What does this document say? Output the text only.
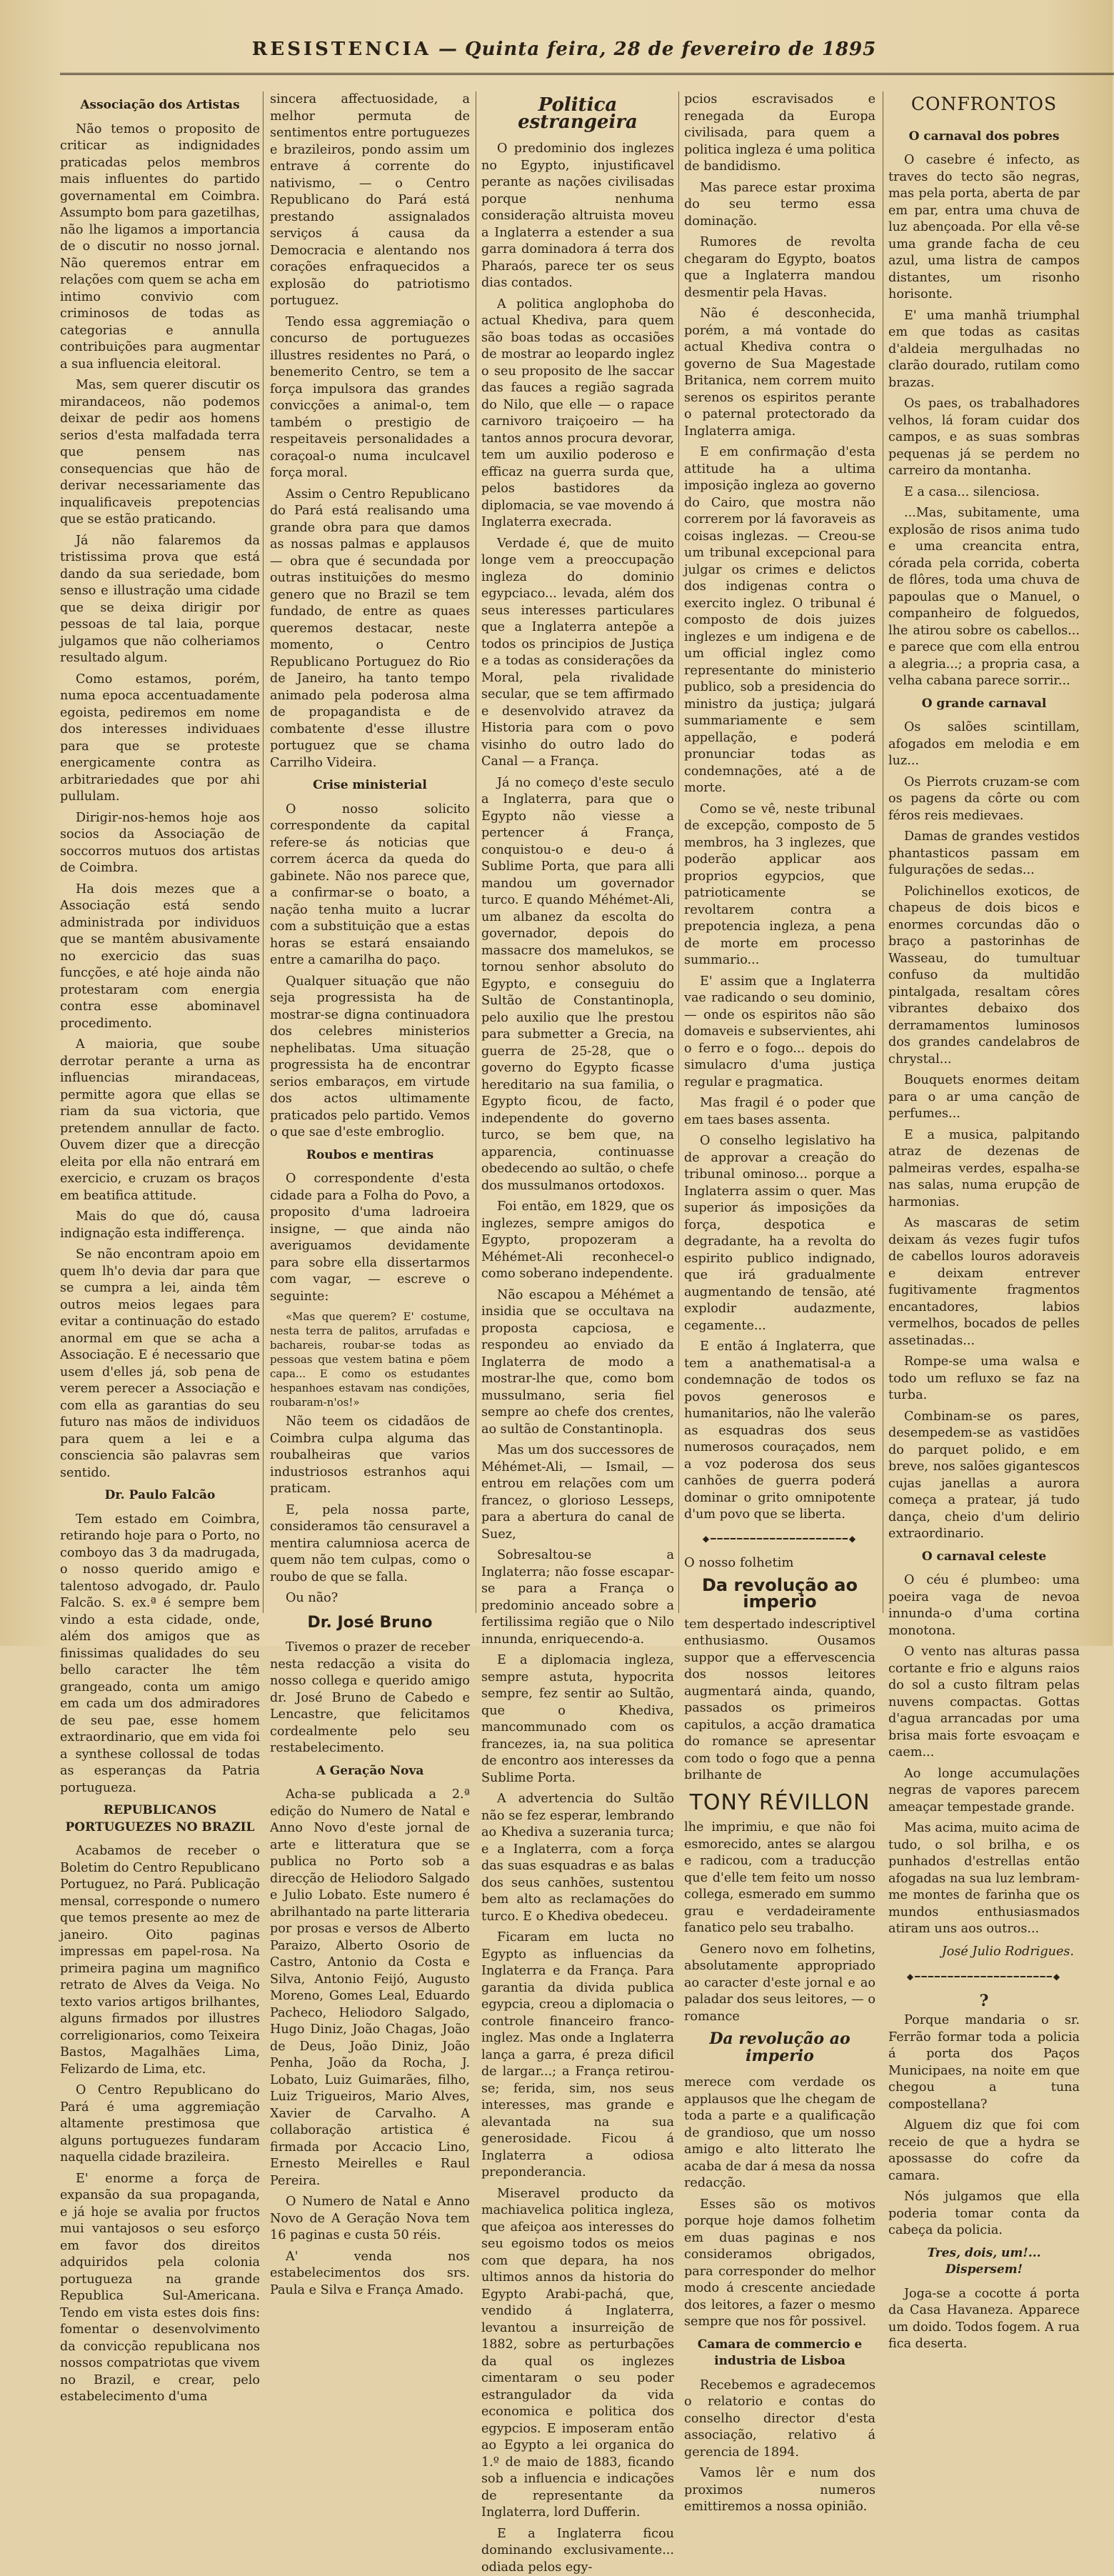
RESISTENCIA — Quinta feira, 28 de fevereiro de 1895
Associação dos Artistas

Não temos o proposito de criticar as indignidades praticadas pelos membros mais influentes do partido governamental em Coimbra. Assumpto bom para gazetilhas, não lhe ligamos a importancia de o discutir no nosso jornal. Não queremos entrar em relações com quem se acha em intimo convivio com criminosos de todas as categorias e annulla contribuições para augmentar a sua influencia eleitoral.

Mas, sem querer discutir os mirandaceos, não podemos deixar de pedir aos homens serios d'esta malfadada terra que pensem nas consequencias que hão de derivar necessariamente das inqualificaveis prepotencias que se estão praticando.

Já não falaremos da tristissima prova que está dando da sua seriedade, bom senso e illustração uma cidade que se deixa dirigir por pessoas de tal laia, porque julgamos que não colheriamos resultado algum.

Como estamos, porém, numa epoca accentuadamente egoista, pediremos em nome dos interesses individuaes para que se proteste energicamente contra as arbitrariedades que por ahi pullulam.

Dirigir-nos-hemos hoje aos socios da Associação de soccorros mutuos dos artistas de Coimbra.

Ha dois mezes que a Associação está sendo administrada por individuos que se mantêm abusivamente no exercicio das suas funcções, e até hoje ainda não protestaram com energia contra esse abominavel procedimento.

A maioria, que soube derrotar perante a urna as influencias mirandaceas, permitte agora que ellas se riam da sua victoria, que pretendem annullar de facto. Ouvem dizer que a direcção eleita por ella não entrará em exercicio, e cruzam os braços em beatifica attitude.

Mais do que dó, causa indignação esta indifferença.

Se não encontram apoio em quem lh'o devia dar para que se cumpra a lei, ainda têm outros meios legaes para evitar a continuação do estado anormal em que se acha a Associação. E é necessario que usem d'elles já, sob pena de verem perecer a Associação e com ella as garantias do seu futuro nas mãos de individuos para quem a lei e a consciencia são palavras sem sentido.

Dr. Paulo Falcão

Tem estado em Coimbra, retirando hoje para o Porto, no comboyo das 3 da madrugada, o nosso querido amigo e talentoso advogado, dr. Paulo Falcão. S. ex.ª é sempre bem vindo a esta cidade, onde, além dos amigos que as finissimas qualidades do seu bello caracter lhe têm grangeado, conta um amigo em cada um dos admiradores de seu pae, esse homem extraordinario, que em vida foi a synthese collossal de todas as esperanças da Patria portugueza.

REPUBLICANOS PORTUGUEZES NO BRAZIL

Acabamos de receber o Boletim do Centro Republicano Portuguez, no Pará. Publicação mensal, corresponde o numero que temos presente ao mez de janeiro. Oito paginas impressas em papel-rosa. Na primeira pagina um magnifico retrato de Alves da Veiga. No texto varios artigos brilhantes, alguns firmados por illustres correligionarios, como Teixeira Bastos, Magalhães Lima, Felizardo de Lima, etc.

O Centro Republicano do Pará é uma aggremiação altamente prestimosa que alguns portuguezes fundaram naquella cidade brazileira.

E' enorme a força de expansão da sua propaganda, e já hoje se avalia por fructos mui vantajosos o seu esforço em favor dos direitos adquiridos pela colonia portugueza na grande Republica Sul-Americana. Tendo em vista estes dois fins: fomentar o desenvolvimento da convicção republicana nos nossos compatriotas que vivem no Brazil, e crear, pelo estabelecimento d'uma

sincera affectuosidade, a melhor permuta de sentimentos entre portuguezes e brazileiros, pondo assim um entrave á corrente do nativismo, — o Centro Republicano do Pará está prestando assignalados serviços á causa da Democracia e alentando nos corações enfraquecidos a explosão do patriotismo portuguez.

Tendo essa aggremiação o concurso de portuguezes illustres residentes no Pará, o benemerito Centro, se tem a força impulsora das grandes convicções a animal-o, tem também o prestigio de respeitaveis personalidades a coraçoal-o numa inculcavel força moral.

Assim o Centro Republicano do Pará está realisando uma grande obra para que damos as nossas palmas e applausos — obra que é secundada por outras instituições do mesmo genero que no Brazil se tem fundado, de entre as quaes queremos destacar, neste momento, o Centro Republicano Portuguez do Rio de Janeiro, ha tanto tempo animado pela poderosa alma de propagandista e de combatente d'esse illustre portuguez que se chama Carrilho Videira.

Crise ministerial

O nosso solicito correspondente da capital refere-se ás noticias que correm ácerca da queda do gabinete. Não nos parece que, a confirmar-se o boato, a nação tenha muito a lucrar com a substituição que a estas horas se estará ensaiando entre a camarilha do paço.

Qualquer situação que não seja progressista ha de mostrar-se digna continuadora dos celebres ministerios nephelibatas. Uma situação progressista ha de encontrar serios embaraços, em virtude dos actos ultimamente praticados pelo partido. Vemos o que sae d'este embroglio.

Roubos e mentiras

O correspondente d'esta cidade para a Folha do Povo, a proposito d'uma ladroeira insigne, — que ainda não averiguamos devidamente para sobre ella dissertarmos com vagar, — escreve o seguinte:

«Mas que querem? E' costume, nesta terra de palitos, arrufadas e bachareis, roubar-se todas as pessoas que vestem batina e põem capa... E como os estudantes hespanhoes estavam nas condições, roubaram-n'os!»

Não teem os cidadãos de Coimbra culpa alguma das roubalheiras que varios industriosos estranhos aqui praticam.

E, pela nossa parte, consideramos tão censuravel a mentira calumniosa acerca de quem não tem culpas, como o roubo de que se falla.

Ou não?

Dr. José Bruno

Tivemos o prazer de receber nesta redacção a visita do nosso collega e querido amigo dr. José Bruno de Cabedo e Lencastre, que felicitamos cordealmente pelo seu restabelecimento.

A Geração Nova

Acha-se publicada a 2.ª edição do Numero de Natal e Anno Novo d'este jornal de arte e litteratura que se publica no Porto sob a direcção de Heliodoro Salgado e Julio Lobato. Este numero é abrilhantado na parte litteraria por prosas e versos de Alberto Paraizo, Alberto Osorio de Castro, Antonio da Costa e Silva, Antonio Feijó, Augusto Moreno, Gomes Leal, Eduardo Pacheco, Heliodoro Salgado, Hugo Diniz, João Chagas, João de Deus, João Diniz, João Penha, João da Rocha, J. Lobato, Luiz Guimarães, filho, Luiz Trigueiros, Mario Alves, Xavier de Carvalho. A collaboração artistica é firmada por Accacio Lino, Ernesto Meirelles e Raul Pereira.

O Numero de Natal e Anno Novo de A Geração Nova tem 16 paginas e custa 50 réis.

A' venda nos estabelecimentos dos srs. Paula e Silva e França Amado.

Politica estrangeira

O predominio dos inglezes no Egypto, injustificavel perante as nações civilisadas porque nenhuma consideração altruista moveu a Inglaterra a estender a sua garra dominadora á terra dos Pharaós, parece ter os seus dias contados.

A politica anglophoba do actual Khediva, para quem são boas todas as occasiões de mostrar ao leopardo inglez o seu proposito de lhe saccar das fauces a região sagrada do Nilo, que elle — o rapace carnivoro traiçoeiro — ha tantos annos procura devorar, tem um auxilio poderoso e efficaz na guerra surda que, pelos bastidores da diplomacia, se vae movendo á Inglaterra execrada.

Verdade é, que de muito longe vem a preoccupação ingleza do dominio egypciaco... levada, além dos seus interesses particulares que a Inglaterra antepõe a todos os principios de Justiça e a todas as considerações da Moral, pela rivalidade secular, que se tem affirmado e desenvolvido atravez da Historia para com o povo visinho do outro lado do Canal — a França.

Já no começo d'este seculo a Inglaterra, para que o Egypto não viesse a pertencer á França, conquistou-o e deu-o á Sublime Porta, que para alli mandou um governador turco. E quando Méhémet-Ali, um albanez da escolta do governador, depois do massacre dos mamelukos, se tornou senhor absoluto do Egypto, e conseguiu do Sultão de Constantinopla, pelo auxilio que lhe prestou para submetter a Grecia, na guerra de 25-28, que o governo do Egypto ficasse hereditario na sua familia, o Egypto ficou, de facto, independente do governo turco, se bem que, na apparencia, continuasse obedecendo ao sultão, o chefe dos mussulmanos ortodoxos.

Foi então, em 1829, que os inglezes, sempre amigos do Egypto, propozeram a Méhémet-Ali reconhecel-o como soberano independente.

Não escapou a Méhémet a insidia que se occultava na proposta capciosa, e respondeu ao enviado da Inglaterra de modo a mostrar-lhe que, como bom mussulmano, seria fiel sempre ao chefe dos crentes, ao sultão de Constantinopla.

Mas um dos successores de Méhémet-Ali, — Ismail, — entrou em relações com um francez, o glorioso Lesseps, para a abertura do canal de Suez,

Sobresaltou-se a Inglaterra; não fosse escapar-se para a França o predominio anceado sobre a fertilissima região que o Nilo innunda, enriquecendo-a.

E a diplomacia ingleza, sempre astuta, hypocrita sempre, fez sentir ao Sultão, que o Khediva, mancommunado com os francezes, ia, na sua politica de encontro aos interesses da Sublime Porta.

A advertencia do Sultão não se fez esperar, lembrando ao Khediva a suzerania turca; e a Inglaterra, com a força das suas esquadras e as balas dos seus canhões, sustentou bem alto as reclamações do turco. E o Khediva obedeceu.

Ficaram em lucta no Egypto as influencias da Inglaterra e da França. Para garantia da divida publica egypcia, creou a diplomacia o controle financeiro franco-inglez. Mas onde a Inglaterra lança a garra, é preza dificil de largar...; a França retirou-se; ferida, sim, nos seus interesses, mas grande e alevantada na sua generosidade. Ficou á Inglaterra a odiosa preponderancia.

Miseravel producto da machiavelica politica ingleza, que afeiçoa aos interesses do seu egoismo todos os meios com que depara, ha nos ultimos annos da historia do Egypto Arabi-pachá, que, vendido á Inglaterra, levantou a insurreição de 1882, sobre as perturbações da qual os inglezes cimentaram o seu poder estrangulador da vida economica e politica dos egypcios. E imposeram então ao Egypto a lei organica do 1.º de maio de 1883, ficando sob a influencia e indicações de representante da Inglaterra, lord Dufferin.

E a Inglaterra ficou dominando exclusivamente... odiada pelos egy-

pcios escravisados e renegada da Europa civilisada, para quem a politica ingleza é uma politica de bandidismo.

Mas parece estar proxima do seu termo essa dominação.

Rumores de revolta chegaram do Egypto, boatos que a Inglaterra mandou desmentir pela Havas.

Não é desconhecida, porém, a má vontade do actual Khediva contra o governo de Sua Magestade Britanica, nem correm muito serenos os espiritos perante o paternal protectorado da Inglaterra amiga.

E em confirmação d'esta attitude ha a ultima imposição ingleza ao governo do Cairo, que mostra não correrem por lá favoraveis as coisas inglezas. — Creou-se um tribunal excepcional para julgar os crimes e delictos dos indigenas contra o exercito inglez. O tribunal é composto de dois juizes inglezes e um indigena e de um official inglez como representante do ministerio publico, sob a presidencia do ministro da justiça; julgará summariamente e sem appellação, e poderá pronunciar todas as condemnações, até a de morte.

Como se vê, neste tribunal de excepção, composto de 5 membros, ha 3 inglezes, que poderão applicar aos proprios egypcios, que patrioticamente se revoltarem contra a prepotencia ingleza, a pena de morte em processo summario...

E' assim que a Inglaterra vae radicando o seu dominio, — onde os espiritos não são domaveis e subservientes, ahi o ferro e o fogo... depois do simulacro d'uma justiça regular e pragmatica.

Mas fragil é o poder que em taes bases assenta.

O conselho legislativo ha de approvar a creação do tribunal ominoso... porque a Inglaterra assim o quer. Mas superior ás imposições da força, despotica e degradante, ha a revolta do espirito publico indignado, que irá gradualmente augmentando de tensão, até explodir audazmente, cegamente...

E então á Inglaterra, que tem a anathematisal-a a condemnação de todos os povos generosos e humanitarios, não lhe valerão as esquadras dos seus numerosos couraçados, nem a voz poderosa dos seus canhões de guerra poderá dominar o grito omnipotente d'um povo que se liberta.

◆━━━━━━━━━━━━━━━━━━━━━◆
O nosso folhetim
Da revolução ao imperio

tem despertado indescriptivel enthusiasmo. Ousamos suppor que a effervescencia dos nossos leitores augmentará ainda, quando, passados os primeiros capitulos, a acção dramatica do romance se apresentar com todo o fogo que a penna brilhante de

TONY RÉVILLON

lhe imprimiu, e que não foi esmorecido, antes se alargou e radicou, com a traducção que d'elle tem feito um nosso collega, esmerado em summo grau e verdadeiramente fanatico pelo seu trabalho.

Genero novo em folhetins, absolutamente appropriado ao caracter d'este jornal e ao paladar dos seus leitores, — o romance

Da revolução ao imperio

merece com verdade os applausos que lhe chegam de toda a parte e a qualificação de grandioso, que um nosso amigo e alto litterato lhe acaba de dar á mesa da nossa redacção.

Esses são os motivos porque hoje damos folhetim em duas paginas e nos consideramos obrigados, para corresponder do melhor modo á crescente anciedade dos leitores, a fazer o mesmo sempre que nos fôr possivel.

Camara de commercio e industria de Lisboa

Recebemos e agradecemos o relatorio e contas do conselho director d'esta associação, relativo á gerencia de 1894.

Vamos lêr e num dos proximos numeros emittiremos a nossa opinião.

CONFRONTOS
O carnaval dos pobres

O casebre é infecto, as traves do tecto são negras, mas pela porta, aberta de par em par, entra uma chuva de luz abençoada. Por ella vê-se uma grande facha de ceu azul, uma listra de campos distantes, um risonho horisonte.

E' uma manhã triumphal em que todas as casitas d'aldeia mergulhadas no clarão dourado, rutilam como brazas.

Os paes, os trabalhadores velhos, lá foram cuidar dos campos, e as suas sombras pequenas já se perdem no carreiro da montanha.

E a casa... silenciosa.

...Mas, subitamente, uma explosão de risos anima tudo e uma creancita entra, córada pela corrida, coberta de flôres, toda uma chuva de papoulas que o Manuel, o companheiro de folguedos, lhe atirou sobre os cabellos... e parece que com ella entrou a alegria...; a propria casa, a velha cabana parece sorrir...

O grande carnaval

Os salões scintillam, afogados em melodia e em luz...

Os Pierrots cruzam-se com os pagens da côrte ou com féros reis medievaes.

Damas de grandes vestidos phantasticos passam em fulgurações de sedas...

Polichinellos exoticos, de chapeus de dois bicos e enormes corcundas dão o braço a pastorinhas de Wasseau, do tumultuar confuso da multidão pintalgada, resaltam côres vibrantes debaixo dos derramamentos luminosos dos grandes candelabros de chrystal...

Bouquets enormes deitam para o ar uma canção de perfumes...

E a musica, palpitando atraz de dezenas de palmeiras verdes, espalha-se nas salas, numa erupção de harmonias.

As mascaras de setim deixam ás vezes fugir tufos de cabellos louros adoraveis e deixam entrever fugitivamente fragmentos encantadores, labios vermelhos, bocados de pelles assetinadas...

Rompe-se uma walsa e todo um refluxo se faz na turba.

Combinam-se os pares, desempedem-se as vastidões do parquet polido, e em breve, nos salões gigantescos cujas janellas a aurora começa a pratear, já tudo dança, cheio d'um delirio extraordinario.

O carnaval celeste

O céu é plumbeo: uma poeira vaga de nevoa innunda-o d'uma cortina monotona.

O vento nas alturas passa cortante e frio e alguns raios do sol a custo filtram pelas nuvens compactas. Gottas d'agua arrancadas por uma brisa mais forte esvoaçam e caem...

Ao longe accumulações negras de vapores parecem ameaçar tempestade grande.

Mas acima, muito acima de tudo, o sol brilha, e os punhados d'estrellas então afogadas na sua luz lembram-me montes de farinha que os mundos enthusiasmados atiram uns aos outros...

José Julio Rodrigues.
◆━━━━━━━━━━━━━━━━━━━━━◆
?

Porque mandaria o sr. Ferrão formar toda a policia á porta dos Paços Municipaes, na noite em que chegou a tuna compostellana?

Alguem diz que foi com receio de que a hydra se apossasse do cofre da camara.

Nós julgamos que ella poderia tomar conta da cabeça da policia.

Tres, dois, um!... Dispersem!

Joga-se a cocotte á porta da Casa Havaneza. Apparece um doido. Todos fogem. A rua fica deserta.
